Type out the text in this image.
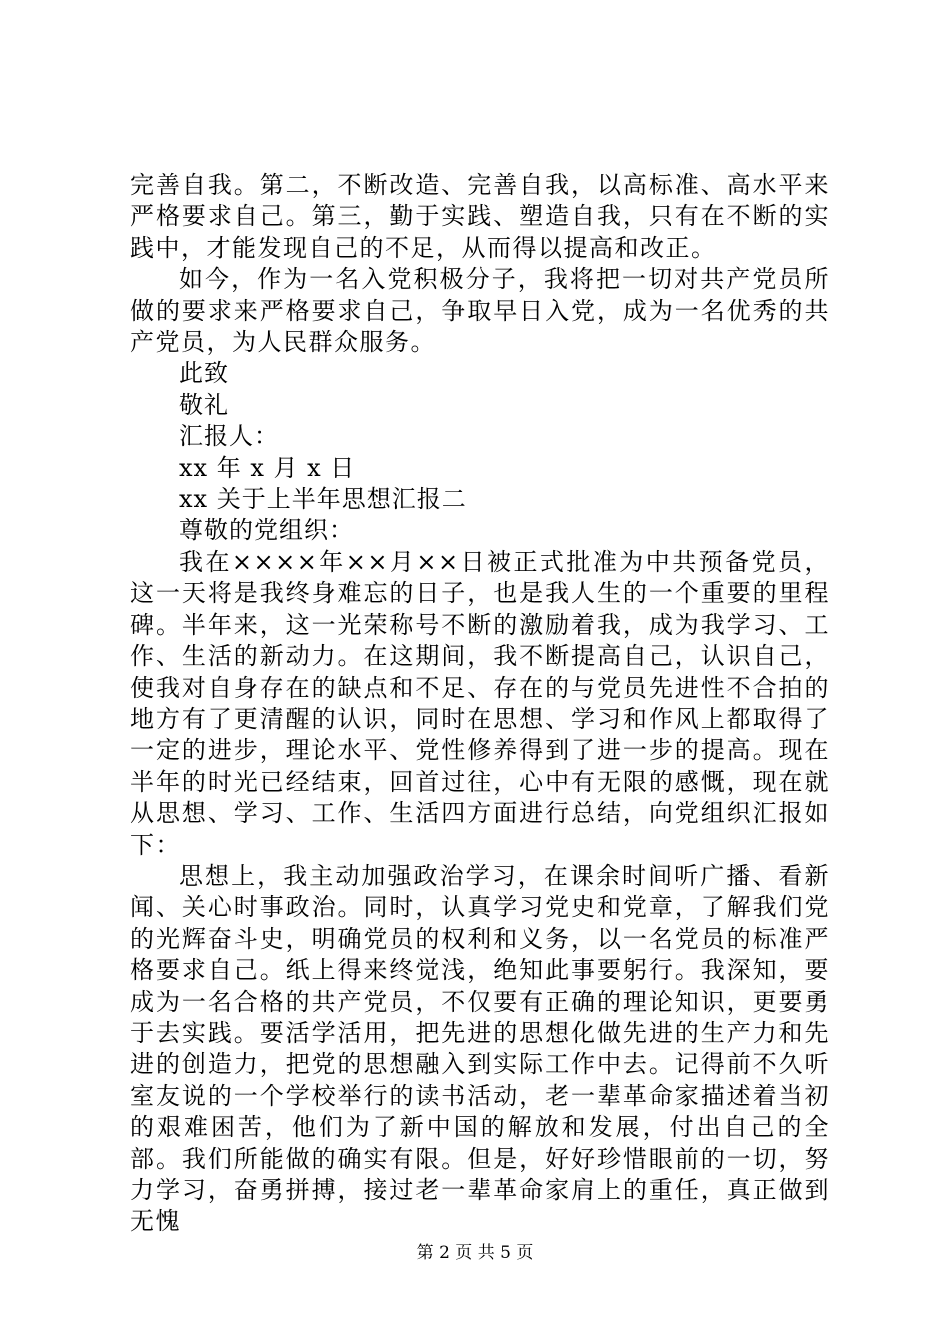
完善自我。第二，不断改造、完善自我，以高标准、高水平来严格要求自己。第三，勤于实践、塑造自我，只有在不断的实践中，才能发现自己的不足，从而得以提高和改正。

如今，作为一名入党积极分子，我将把一切对共产党员所做的要求来严格要求自己，争取早日入党，成为一名优秀的共产党员，为人民群众服务。

此致

敬礼

汇报人：

xx 年 x 月 x 日

xx 关于上半年思想汇报二

尊敬的党组织：

我在××××年××月××日被正式批准为中共预备党员，这一天将是我终身难忘的日子，也是我人生的一个重要的里程碑。半年来，这一光荣称号不断的激励着我，成为我学习、工作、生活的新动力。在这期间，我不断提高自己，认识自己，使我对自身存在的缺点和不足、存在的与党员先进性不合拍的地方有了更清醒的认识，同时在思想、学习和作风上都取得了一定的进步，理论水平、党性修养得到了进一步的提高。现在半年的时光已经结束，回首过往，心中有无限的感慨，现在就从思想、学习、工作、生活四方面进行总结，向党组织汇报如下：

思想上，我主动加强政治学习，在课余时间听广播、看新闻、关心时事政治。同时，认真学习党史和党章，了解我们党的光辉奋斗史，明确党员的权利和义务，以一名党员的标准严格要求自己。纸上得来终觉浅，绝知此事要躬行。我深知，要成为一名合格的共产党员，不仅要有正确的理论知识，更要勇于去实践。要活学活用，把先进的思想化做先进的生产力和先进的创造力，把党的思想融入到实际工作中去。记得前不久听室友说的一个学校举行的读书活动，老一辈革命家描述着当初的艰难困苦，他们为了新中国的解放和发展，付出自己的全部。我们所能做的确实有限。但是，好好珍惜眼前的一切，努力学习，奋勇拼搏，接过老一辈革命家肩上的重任，真正做到无愧

第 2 页 共 5 页
